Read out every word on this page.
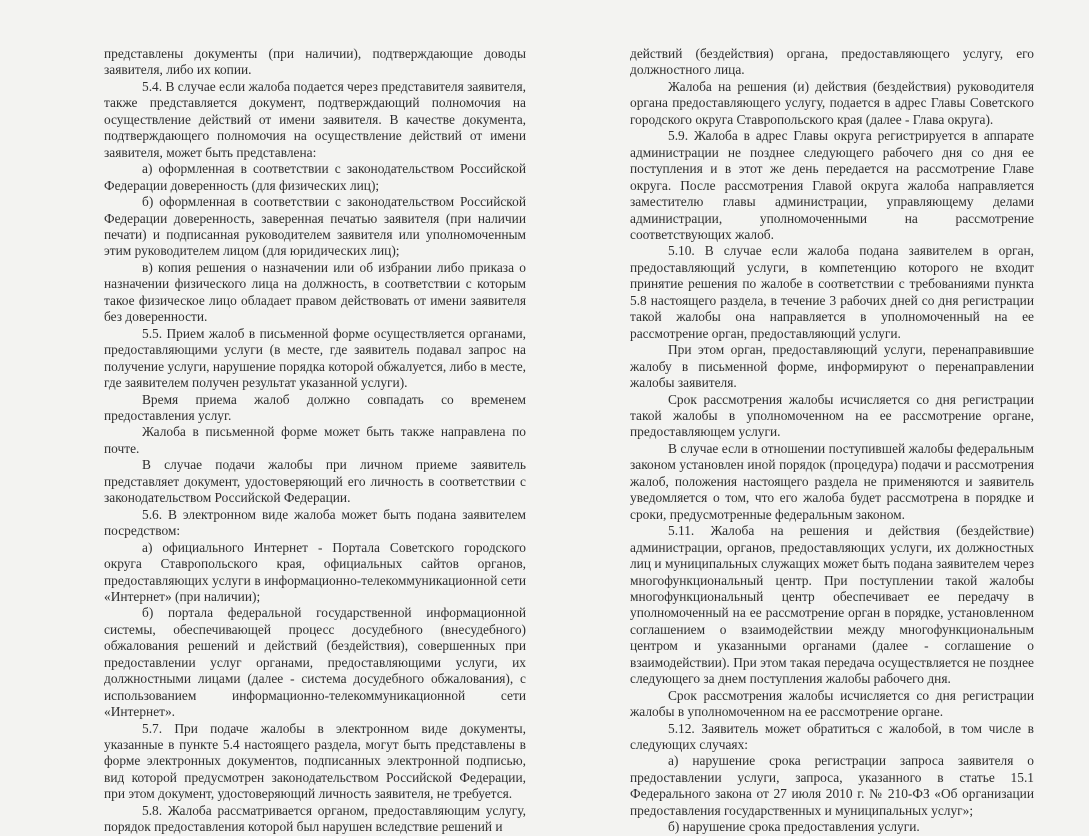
представлены документы (при наличии), подтверждающие доводы заявителя, либо их копии.

5.4. В случае если жалоба подается через представителя заявителя, также представляется документ, подтверждающий полномочия на осуществление действий от имени заявителя. В качестве документа, подтверждающего полномочия на осуществление действий от имени заявителя, может быть представлена:

а) оформленная в соответствии с законодательством Российской Федерации доверенность (для физических лиц);

б) оформленная в соответствии с законодательством Российской Федерации доверенность, заверенная печатью заявителя (при наличии печати) и подписанная руководителем заявителя или уполномоченным этим руководителем лицом (для юридических лиц);

в) копия решения о назначении или об избрании либо приказа о назначении физического лица на должность, в соответствии с которым такое физическое лицо обладает правом действовать от имени заявителя без доверенности.

5.5. Прием жалоб в письменной форме осуществляется органами, предоставляющими услуги (в месте, где заявитель подавал запрос на получение услуги, нарушение порядка которой обжалуется, либо в месте, где заявителем получен результат указанной услуги).

Время приема жалоб должно совпадать со временем предоставления услуг.

Жалоба в письменной форме может быть также направлена по почте.

В случае подачи жалобы при личном приеме заявитель представляет документ, удостоверяющий его личность в соответствии с законодательством Российской Федерации.

5.6. В электронном виде жалоба может быть подана заявителем посредством:

а) официального Интернет - Портала Советского городского округа Ставропольского края, официальных сайтов органов, предоставляющих услуги в информационно-телекоммуникационной сети «Интернет» (при наличии);

б) портала федеральной государственной информационной системы, обеспечивающей процесс досудебного (внесудебного) обжалования решений и действий (бездействия), совершенных при предоставлении услуг органами, предоставляющими услуги, их должностными лицами (далее - система досудебного обжалования), с использованием информационно-телекоммуникационной сети «Интернет».

5.7. При подаче жалобы в электронном виде документы, указанные в пункте 5.4 настоящего раздела, могут быть представлены в форме электронных документов, подписанных электронной подписью, вид которой предусмотрен законодательством Российской Федерации, при этом документ, удостоверяющий личность заявителя, не требуется.

5.8. Жалоба рассматривается органом, предоставляющим услугу, порядок предоставления которой был нарушен вследствие решений и

действий (бездействия) органа, предоставляющего услугу, его должностного лица.

Жалоба на решения (и) действия (бездействия) руководителя органа предоставляющего услугу, подается в адрес Главы Советского городского округа Ставропольского края (далее - Глава округа).

5.9. Жалоба в адрес Главы округа регистрируется в аппарате администрации не позднее следующего рабочего дня со дня ее поступления и в этот же день передается на рассмотрение Главе округа. После рассмотрения Главой округа жалоба направляется заместителю главы администрации, управляющему делами администрации, уполномоченными на рассмотрение соответствующих жалоб.

5.10. В случае если жалоба подана заявителем в орган, предоставляющий услуги, в компетенцию которого не входит принятие решения по жалобе в соответствии с требованиями пункта 5.8 настоящего раздела, в течение 3 рабочих дней со дня регистрации такой жалобы она направляется в уполномоченный на ее рассмотрение орган, предоставляющий услуги.

При этом орган, предоставляющий услуги, перенаправившие жалобу в письменной форме, информируют о перенаправлении жалобы заявителя.

Срок рассмотрения жалобы исчисляется со дня регистрации такой жалобы в уполномоченном на ее рассмотрение органе, предоставляющем услуги.

В случае если в отношении поступившей жалобы федеральным законом установлен иной порядок (процедура) подачи и рассмотрения жалоб, положения настоящего раздела не применяются и заявитель уведомляется о том, что его жалоба будет рассмотрена в порядке и сроки, предусмотренные федеральным законом.

5.11. Жалоба на решения и действия (бездействие) администрации, органов, предоставляющих услуги, их должностных лиц и муниципальных служащих может быть подана заявителем через многофункциональный центр. При поступлении такой жалобы многофункциональный центр обеспечивает ее передачу в уполномоченный на ее рассмотрение орган в порядке, установленном соглашением о взаимодействии между многофункциональным центром и указанными органами (далее - соглашение о взаимодействии). При этом такая передача осуществляется не позднее следующего за днем поступления жалобы рабочего дня.

Срок рассмотрения жалобы исчисляется со дня регистрации жалобы в уполномоченном на ее рассмотрение органе.

5.12. Заявитель может обратиться с жалобой, в том числе в следующих случаях:

а) нарушение срока регистрации запроса заявителя о предоставлении услуги, запроса, указанного в статье 15.1 Федерального закона от 27 июля 2010 г. № 210-ФЗ «Об организации предоставления государственных и муниципальных услуг»;

б) нарушение срока предоставления услуги.
